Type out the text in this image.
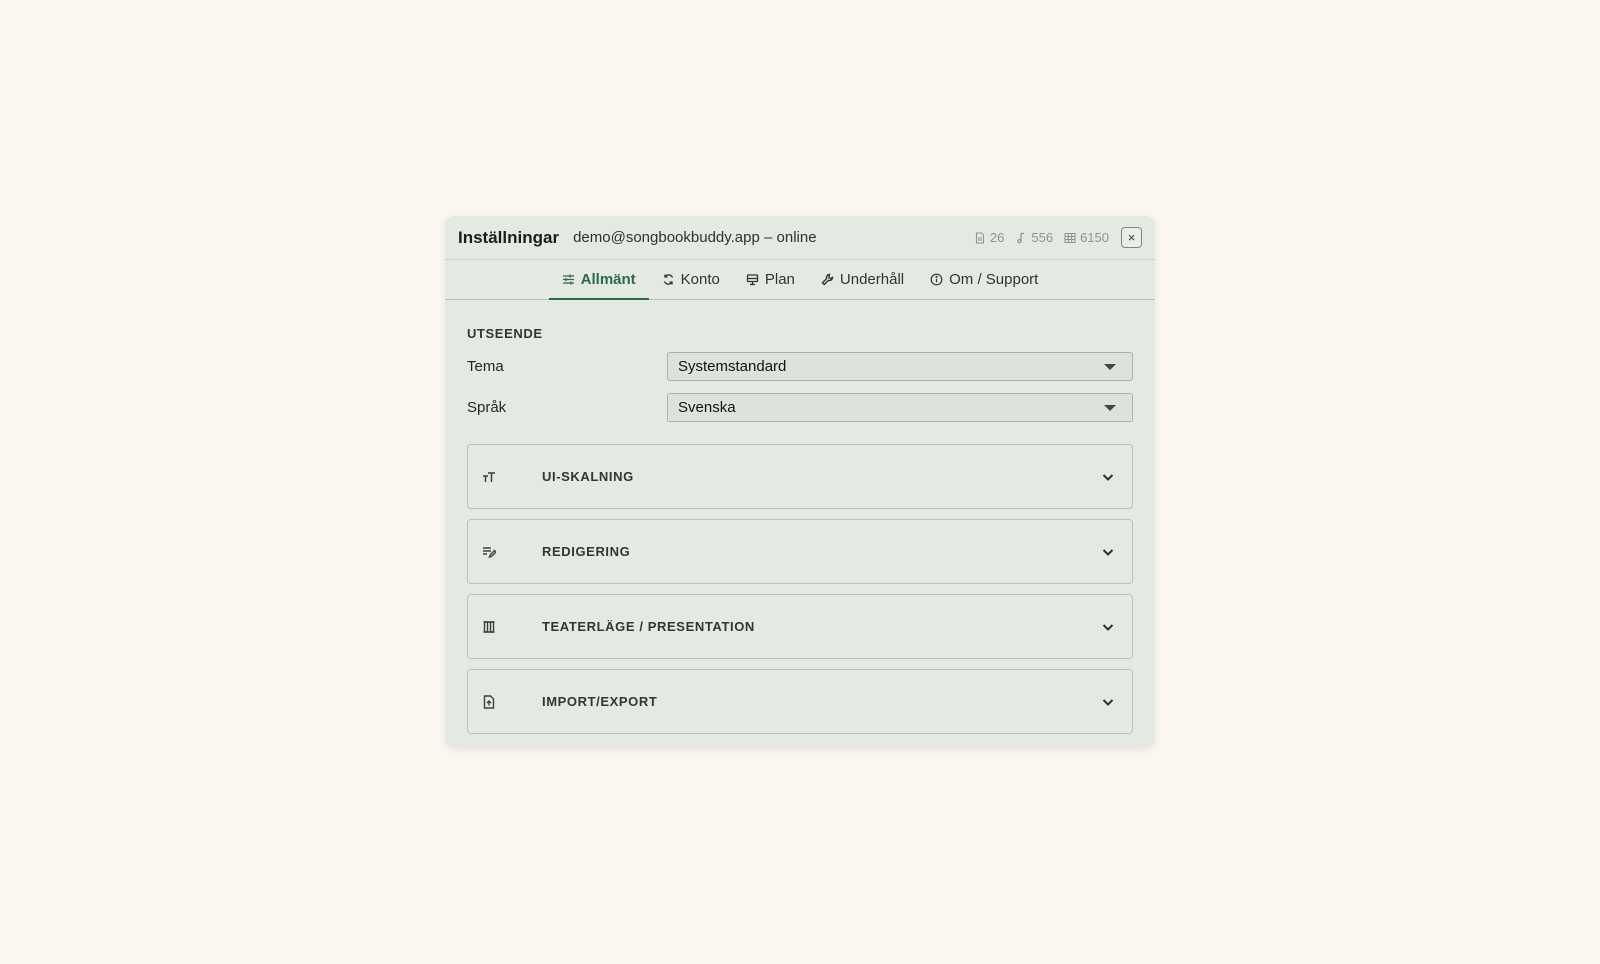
Inställningar demo@songbookbuddy.app – online	26 556 6150 ×
Allmänt	Konto	Plan	Underhåll	Om / Support
UTSEENDE
Tema	Systemstandard
Språk	Svenska
UI-SKALNING
REDIGERING
TEATERLÄGE / PRESENTATION
IMPORT/EXPORT
